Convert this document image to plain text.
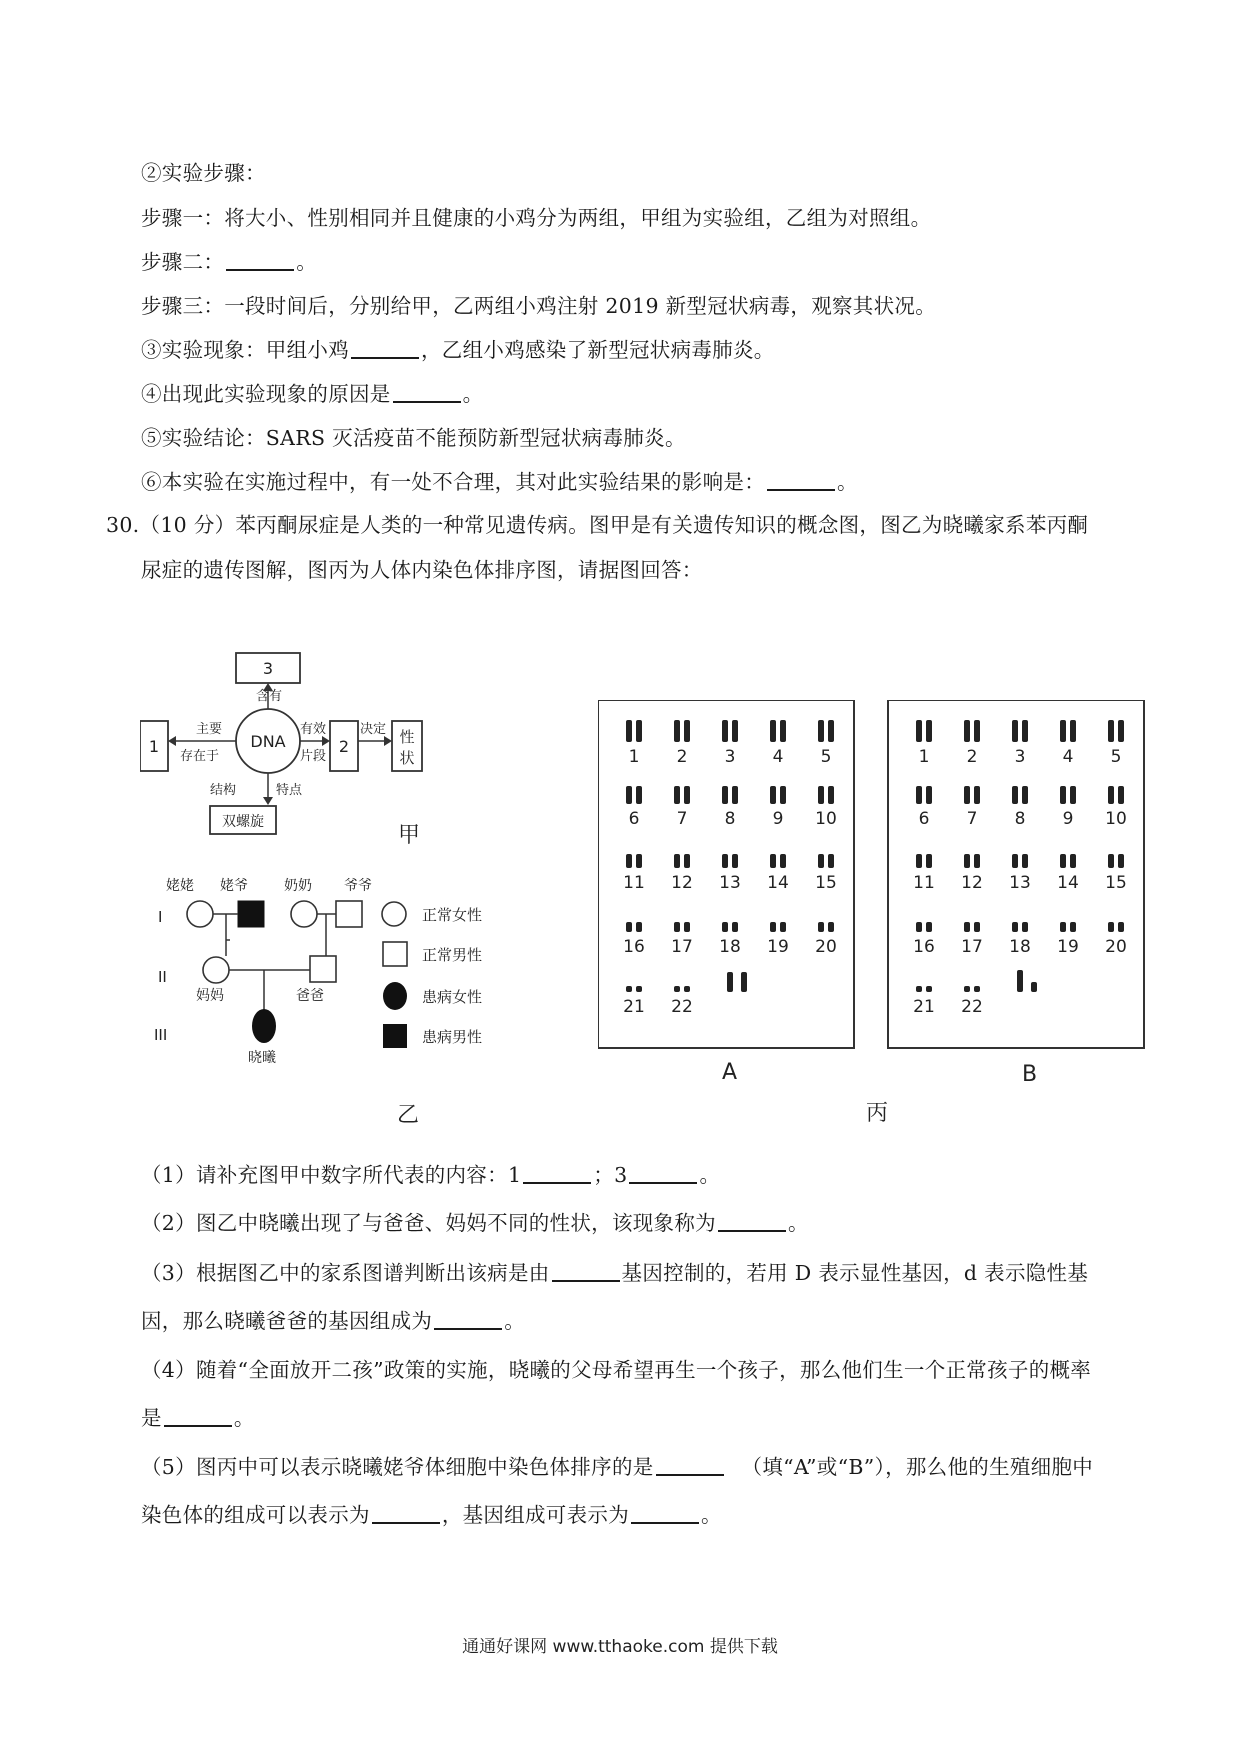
②实验步骤：
步骤一：将大小、性别相同并且健康的小鸡分为两组，甲组为实验组，乙组为对照组。
步骤二：	。
步骤三：一段时间后，分别给甲，乙两组小鸡注射 2019 新型冠状病毒，观察其状况。
③实验现象：甲组小鸡	，乙组小鸡感染了新型冠状病毒肺炎。
④出现此实验现象的原因是	。
⑤实验结论：SARS 灭活疫苗不能预防新型冠状病毒肺炎。
⑥本实验在实施过程中，有一处不合理，其对此实验结果的影响是：	。
30.（10 分）苯丙酮尿症是人类的一种常见遗传病。图甲是有关遗传知识的概念图，图乙为晓曦家系苯丙酮
尿症的遗传图解，图丙为人体内染色体排序图，请据图回答：
3
DNA
含有
1
主要
存在于
2
有效
片段
性
状
决定
结构	特点
双螺旋
甲
I
II
III
姥姥 姥爷	奶奶 爷爷
妈妈	爸爸
晓曦
正常女性
正常男性
患病女性
患病男性
乙
1 2 3 4 5
6 7 8 9 10
11 12 13 14 15
16 17 18 19 20
21 22
1 2 3 4 5
6 7 8 9 10
11 12 13 14 15
16 17 18 19 20
21 22
A	B
丙
（1）请补充图甲中数字所代表的内容：1	；3	。
（2）图乙中晓曦出现了与爸爸、妈妈不同的性状，该现象称为	。
（3）根据图乙中的家系图谱判断出该病是由	基因控制的，若用 D 表示显性基因，d 表示隐性基
因，那么晓曦爸爸的基因组成为	。
（4）随着“全面放开二孩”政策的实施，晓曦的父母希望再生一个孩子，那么他们生一个正常孩子的概率
是	。
（5）图丙中可以表示晓曦姥爷体细胞中染色体排序的是	（填“A”或“B”），那么他的生殖细胞中
染色体的组成可以表示为	，基因组成可表示为	。
通通好课网 www.tthaoke.com 提供下载
